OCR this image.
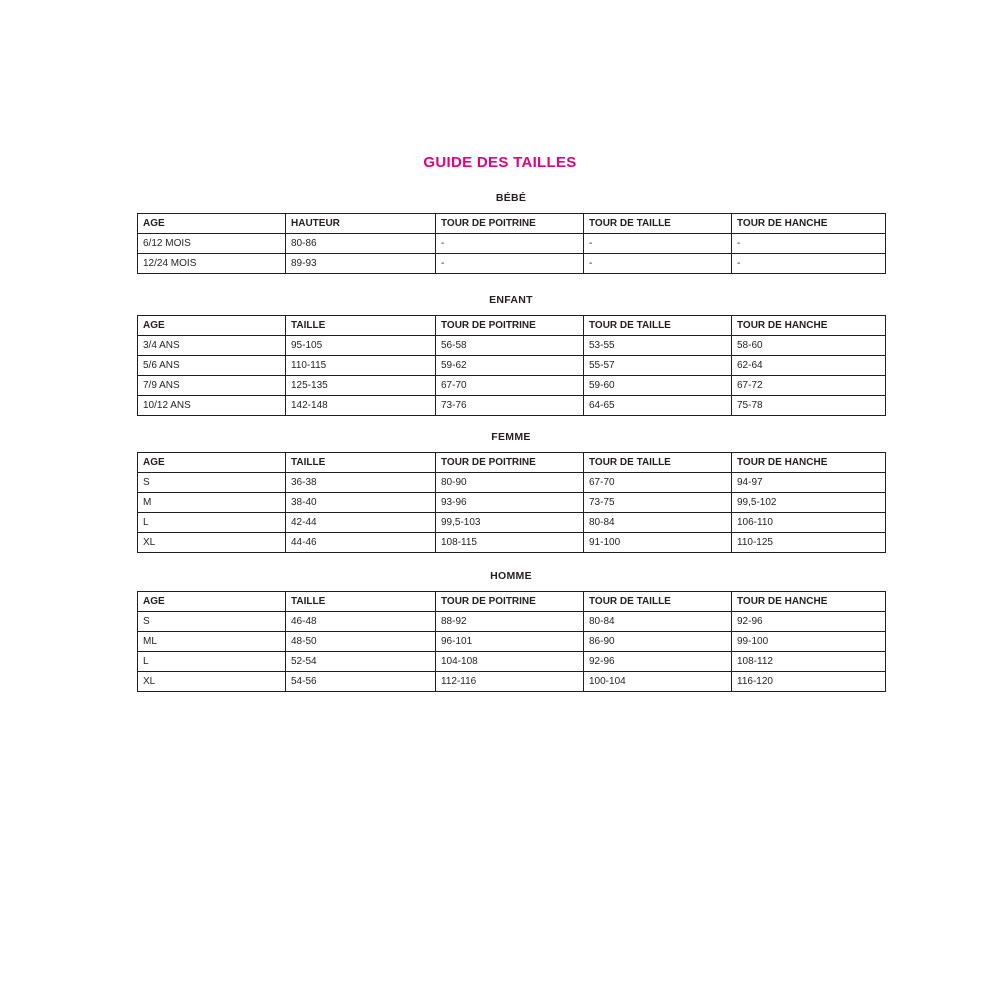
GUIDE DES TAILLES
BÉBÉ
AGE	HAUTEUR	TOUR DE POITRINE	TOUR DE TAILLE	TOUR DE HANCHE
6/12 MOIS	80-86	-	-	-
12/24 MOIS	89-93	-	-	-
ENFANT
AGE	TAILLE	TOUR DE POITRINE	TOUR DE TAILLE	TOUR DE HANCHE
3/4 ANS	95-105	56-58	53-55	58-60
5/6 ANS	110-115	59-62	55-57	62-64
7/9 ANS	125-135	67-70	59-60	67-72
10/12 ANS	142-148	73-76	64-65	75-78
FEMME
AGE	TAILLE	TOUR DE POITRINE	TOUR DE TAILLE	TOUR DE HANCHE
S	36-38	80-90	67-70	94-97
M	38-40	93-96	73-75	99,5-102
L	42-44	99,5-103	80-84	106-110
XL	44-46	108-115	91-100	110-125
HOMME
AGE	TAILLE	TOUR DE POITRINE	TOUR DE TAILLE	TOUR DE HANCHE
S	46-48	88-92	80-84	92-96
ML	48-50	96-101	86-90	99-100
L	52-54	104-108	92-96	108-112
XL	54-56	112-116	100-104	116-120
